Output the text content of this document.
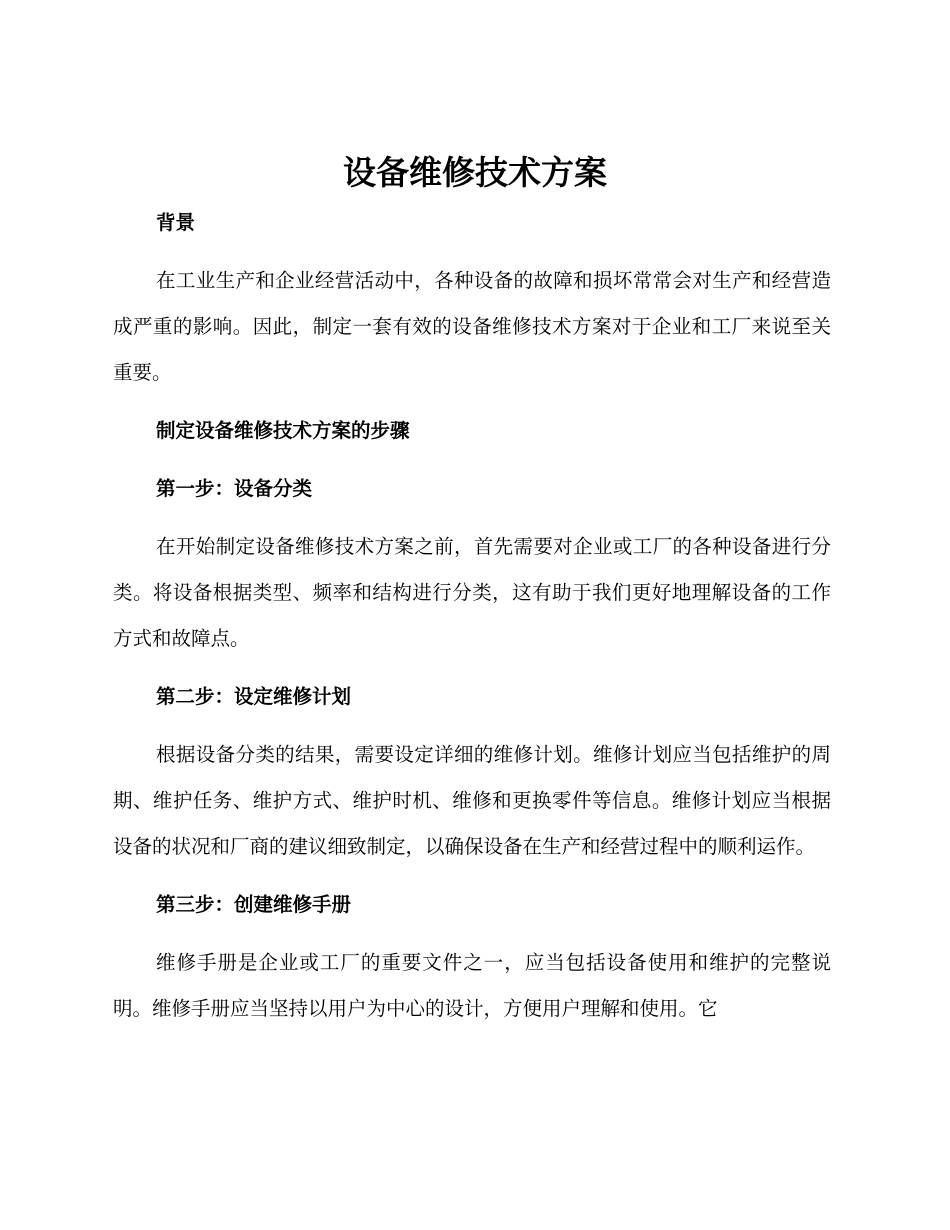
设备维修技术方案

背景

在工业生产和企业经营活动中，各种设备的故障和损坏常常会对生产和经营造成严重的影响。因此，制定一套有效的设备维修技术方案对于企业和工厂来说至关重要。

制定设备维修技术方案的步骤

第一步：设备分类

在开始制定设备维修技术方案之前，首先需要对企业或工厂的各种设备进行分类。将设备根据类型、频率和结构进行分类，这有助于我们更好地理解设备的工作方式和故障点。

第二步：设定维修计划

根据设备分类的结果，需要设定详细的维修计划。维修计划应当包括维护的周期、维护任务、维护方式、维护时机、维修和更换零件等信息。维修计划应当根据设备的状况和厂商的建议细致制定，以确保设备在生产和经营过程中的顺利运作。

第三步：创建维修手册

维修手册是企业或工厂的重要文件之一，应当包括设备使用和维护的完整说明。维修手册应当坚持以用户为中心的设计，方便用户理解和使用。它
